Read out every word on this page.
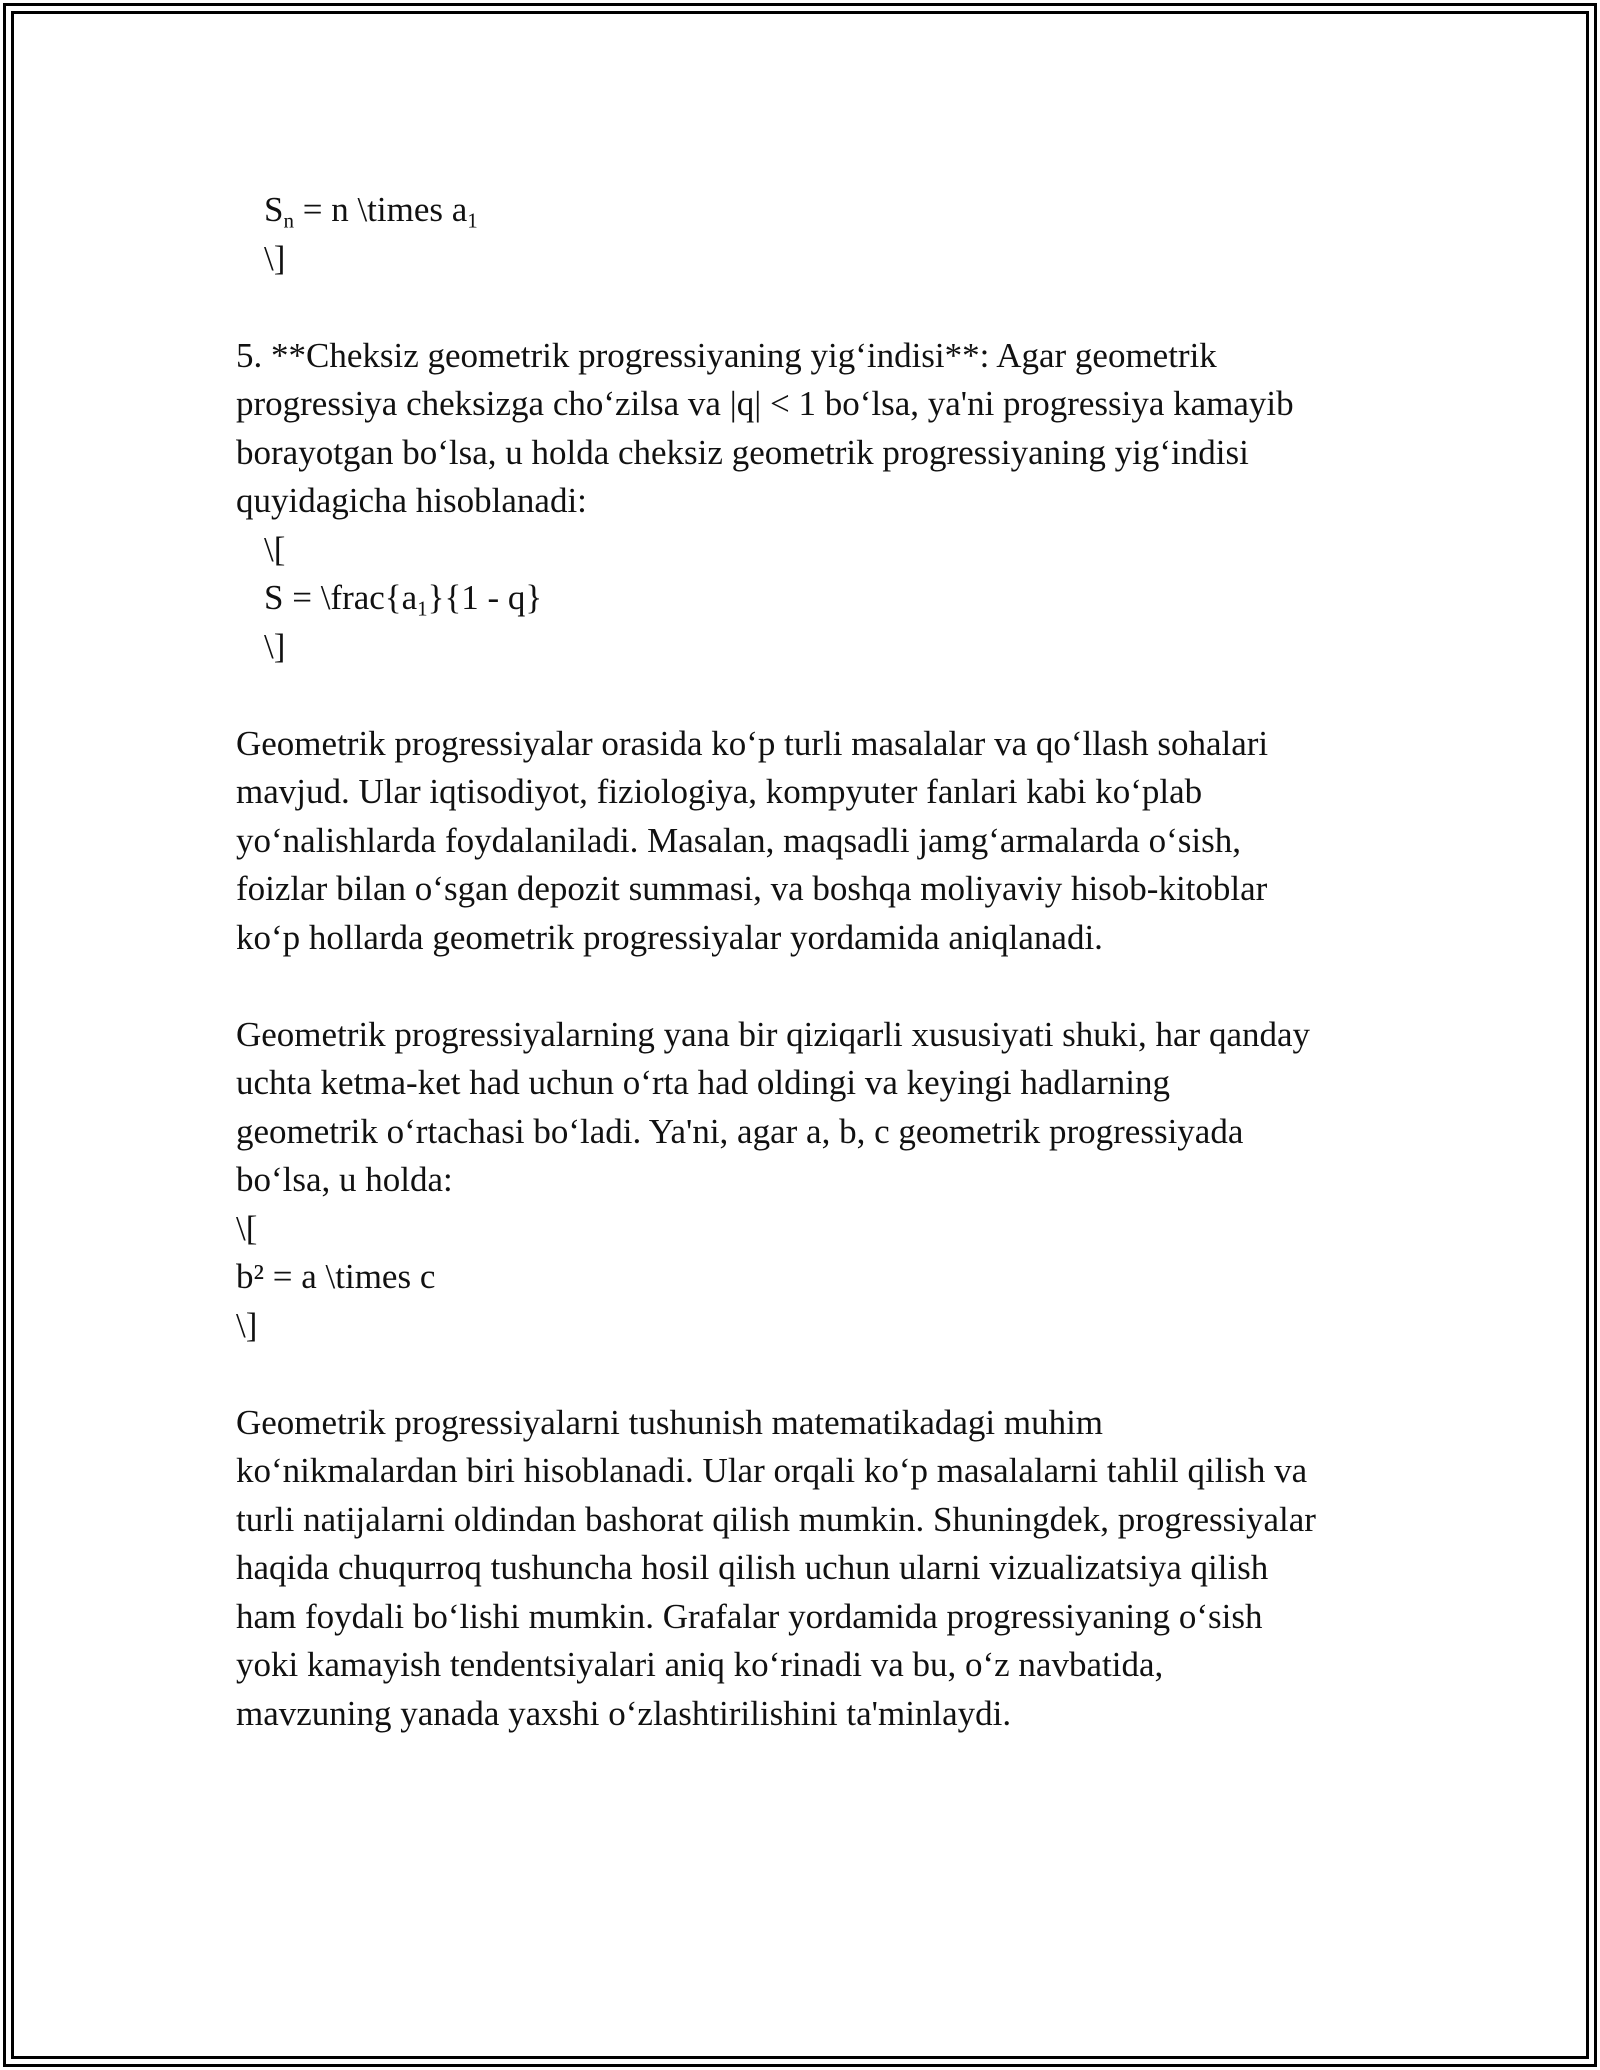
$S_n = n$ \times $a_1$
\]
5. **Cheksiz geometrik progressiyaning yig‘indisi**: Agar geometrik
progressiya cheksizga cho‘zilsa va |q| < 1 bo‘lsa, ya'ni progressiya kamayib
borayotgan bo‘lsa, u holda cheksiz geometrik progressiyaning yig‘indisi
quyidagicha hisoblanadi:
\[
$S = \backslash frac\{a_1\}\{1 - q\}$
\]
Geometrik progressiyalar orasida ko‘p turli masalalar va qo‘llash sohalari
mavjud. Ular iqtisodiyot, fiziologiya, kompyuter fanlari kabi ko‘plab
yo‘nalishlarda foydalaniladi. Masalan, maqsadli jamg‘armalarda o‘sish,
foizlar bilan o‘sgan depozit summasi, va boshqa moliyaviy hisob-kitoblar
ko‘p hollarda geometrik progressiyalar yordamida aniqlanadi.
Geometrik progressiyalarning yana bir qiziqarli xususiyati shuki, har qanday
uchta ketma-ket had uchun o‘rta had oldingi va keyingi hadlarning
geometrik o‘rtachasi bo‘ladi. Ya'ni, agar a, b, c geometrik progressiyada
bo‘lsa, u holda:
\[
b² = a \times c
\]
Geometrik progressiyalarni tushunish matematikadagi muhim
ko‘nikmalardan biri hisoblanadi. Ular orqali ko‘p masalalarni tahlil qilish va
turli natijalarni oldindan bashorat qilish mumkin. Shuningdek, progressiyalar
haqida chuqurroq tushuncha hosil qilish uchun ularni vizualizatsiya qilish
ham foydali bo‘lishi mumkin. Grafalar yordamida progressiyaning o‘sish
yoki kamayish tendentsiyalari aniq ko‘rinadi va bu, o‘z navbatida,
mavzuning yanada yaxshi o‘zlashtirilishini ta'minlaydi.
